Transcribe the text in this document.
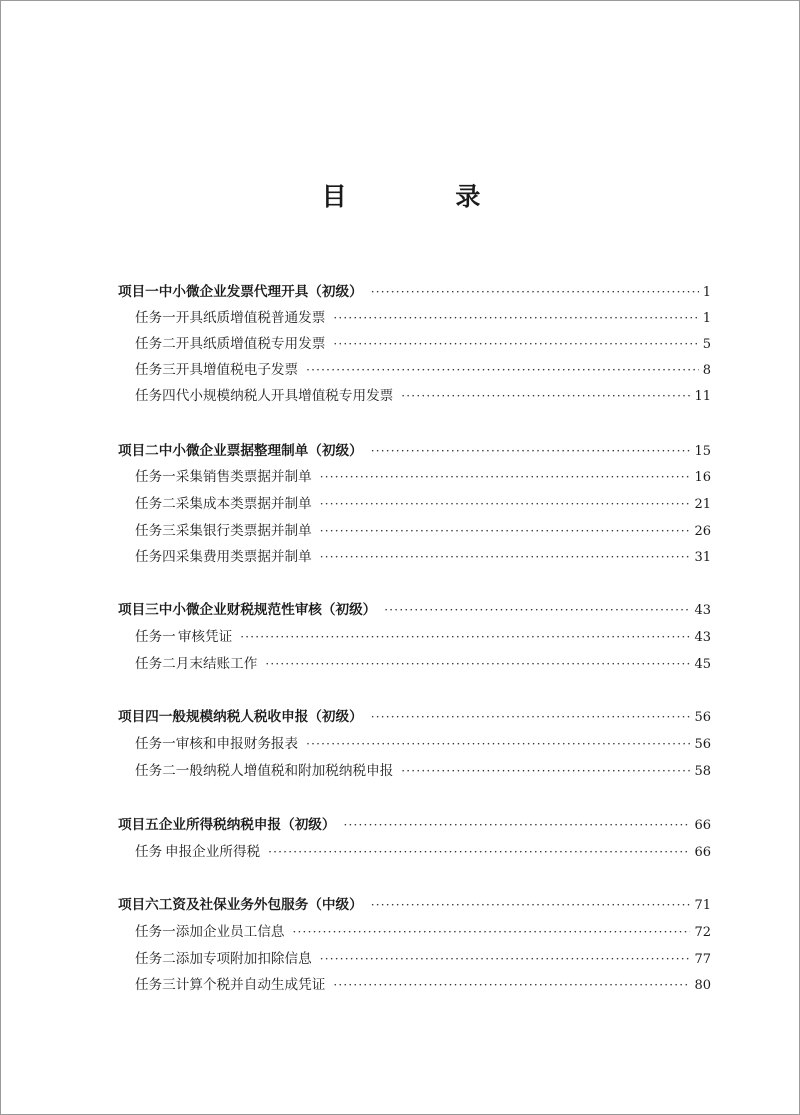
目 录
项目一 中小微企业发票代理开具（初级） ·····	1
任务一 开具纸质增值税普通发票 ·····	1
任务二 开具纸质增值税专用发票 ·····	5
任务三 开具增值税电子发票 ·····	8
任务四 代小规模纳税人开具增值税专用发票 ·····	11
项目二 中小微企业票据整理制单（初级） ·····	15
任务一 采集销售类票据并制单 ·····	16
任务二 采集成本类票据并制单 ·····	21
任务三 采集银行类票据并制单 ·····	26
任务四 采集费用类票据并制单 ·····	31
项目三 中小微企业财税规范性审核（初级） ·····	43
任务一 审核凭证 ·····	43
任务二 月末结账工作 ·····	45
项目四 一般规模纳税人税收申报（初级） ·····	56
任务一 审核和申报财务报表 ·····	56
任务二 一般纳税人增值税和附加税纳税申报 ·····	58
项目五 企业所得税纳税申报（初级） ·····	66
任务 申报企业所得税 ·····	66
项目六 工资及社保业务外包服务（中级） ·····	71
任务一 添加企业员工信息 ·····	72
任务二 添加专项附加扣除信息 ·····	77
任务三 计算个税并自动生成凭证 ·····	80
